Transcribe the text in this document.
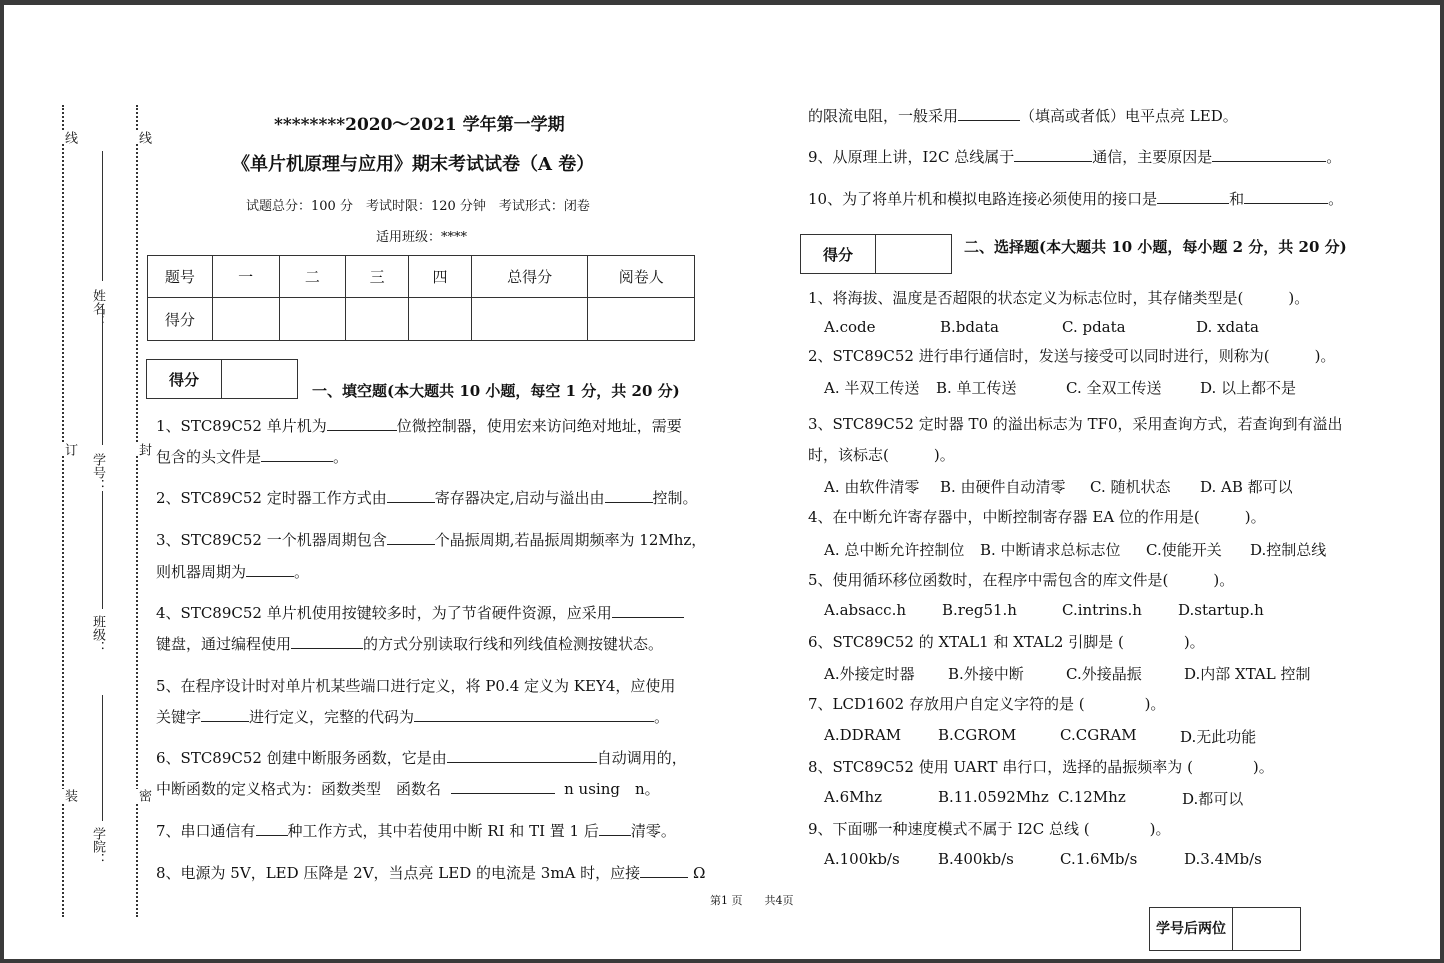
线
订
装
线
封
密
姓名：
学号：
班级：
学院：
********2020～2021 学年第一学期
《单片机原理与应用》期末考试试卷（A 卷）
试题总分：100 分　考试时限：120 分钟　考试形式：闭卷
适用班级：****
题号	一	二	三	四	总得分	阅卷人
得分						
得分
一、填空题(本大题共 10 小题，每空 1 分，共 20 分)
1、STC89C52 单片机为	位微控制器，使用宏来访问绝对地址，需要
包含的头文件是	。
2、STC89C52 定时器工作方式由	寄存器决定,启动与溢出由	控制。
3、STC89C52 一个机器周期包含	个晶振周期,若晶振周期频率为 12Mhz，
则机器周期为	。
4、STC89C52 单片机使用按键较多时，为了节省硬件资源，应采用
键盘，通过编程使用	的方式分别读取行线和列线值检测按键状态。
5、在程序设计时对单片机某些端口进行定义，将 P0.4 定义为 KEY4，应使用
关键字	进行定义，完整的代码为	。
6、STC89C52 创建中断服务函数，它是由	自动调用的，
中断函数的定义格式为：函数类型　函数名	n using　n。
7、串口通信有 种工作方式，其中若使用中断 RI 和 TI 置 1 后 清零。
8、电源为 5V，LED 压降是 2V，当点亮 LED 的电流是 3mA 时，应接	Ω
的限流电阻，一般采用	（填高或者低）电平点亮 LED。
9、从原理上讲，I2C 总线属于	通信，主要原因是	。
10、为了将单片机和模拟电路连接必须使用的接口是	和	。
得分	二、选择题(本大题共 10 小题，每小题 2 分，共 20 分)
1、将海拔、温度是否超限的状态定义为标志位时，其存储类型是(　　　)。
A.code	B.bdata	C. pdata	D. xdata
2、STC89C52 进行串行通信时，发送与接受可以同时进行，则称为(　　　)。
A. 半双工传送 B. 单工传送	C. 全双工传送	D. 以上都不是
3、STC89C52 定时器 T0 的溢出标志为 TF0，采用查询方式，若查询到有溢出
时，该标志(　　　)。
A. 由软件清零 B. 由硬件自动清零 C. 随机状态 D. AB 都可以
4、在中断允许寄存器中，中断控制寄存器 EA 位的作用是(　　　)。
A. 总中断允许控制位 B. 中断请求总标志位 C.使能开关 D.控制总线
5、使用循环移位函数时，在程序中需包含的库文件是(　　　)。
A.absacc.h B.reg51.h	C.intrins.h D.startup.h
6、STC89C52 的 XTAL1 和 XTAL2 引脚是 (　　　　)。
A.外接定时器 B.外接中断	C.外接晶振	D.内部 XTAL 控制
7、LCD1602 存放用户自定义字符的是 (　　　　)。
A.DDRAM B.CGROM	C.CGRAM	D.无此功能
8、STC89C52 使用 UART 串行口，选择的晶振频率为 (　　　　)。
A.6Mhz	B.11.0592Mhz C.12Mhz	D.都可以
9、下面哪一种速度模式不属于 I2C 总线 (　　　　)。
A.100kb/s	B.400kb/s	C.1.6Mb/s	D.3.4Mb/s
第1 页　　共4页
学号后两位
